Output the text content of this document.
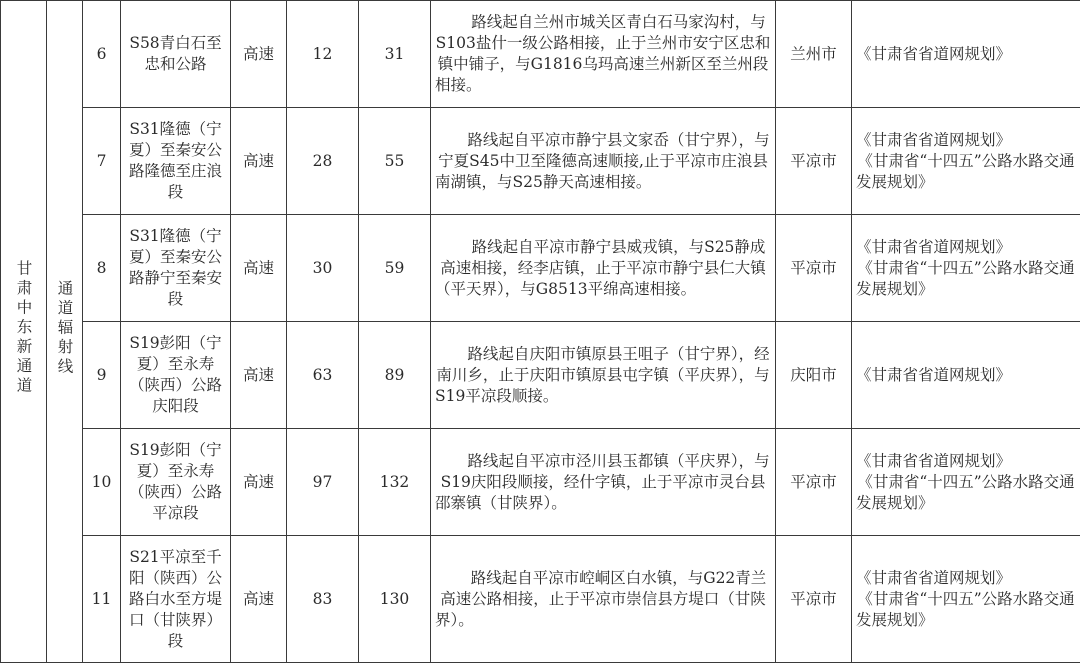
甘肃中东新通道	通道辐射线	6	S58青白石至忠和公路	高速	12	31	路线起自兰州市城关区青白石马家沟村，与S103盐什一级公路相接，止于兰州市安宁区忠和镇中铺子，与G1816乌玛高速兰州新区至兰州段相接。	兰州市	《甘肃省省道网规划》

		7	S31隆德（宁夏）至秦安公路隆德至庄浪段	高速	28	55	路线起自平凉市静宁县文家岙（甘宁界），与宁夏S45中卫至隆德高速顺接,止于平凉市庄浪县南湖镇，与S25静天高速相接。	平凉市	《甘肃省省道网规划》
《甘肃省“十四五”公路水路交通发展规划》

		8	S31隆德（宁夏）至秦安公路静宁至秦安段	高速	30	59	路线起自平凉市静宁县威戎镇，与S25静成高速相接，经李店镇，止于平凉市静宁县仁大镇（平天界），与G8513平绵高速相接。	平凉市	《甘肃省省道网规划》
《甘肃省“十四五”公路水路交通发展规划》

		9	S19彭阳（宁夏）至永寿（陕西）公路庆阳段	高速	63	89	路线起自庆阳市镇原县王咀子（甘宁界），经南川乡，止于庆阳市镇原县屯字镇（平庆界），与S19平凉段顺接。	庆阳市	《甘肃省省道网规划》

		10	S19彭阳（宁夏）至永寿（陕西）公路平凉段	高速	97	132	路线起自平凉市泾川县玉都镇（平庆界），与S19庆阳段顺接，经什字镇，止于平凉市灵台县邵寨镇（甘陕界）。	平凉市	《甘肃省省道网规划》
《甘肃省“十四五”公路水路交通发展规划》

		11	S21平凉至千阳（陕西）公路白水至方堤口（甘陕界）段	高速	83	130	路线起自平凉市崆峒区白水镇，与G22青兰高速公路相接，止于平凉市崇信县方堤口（甘陕界）。	平凉市	《甘肃省省道网规划》
《甘肃省“十四五”公路水路交通发展规划》
